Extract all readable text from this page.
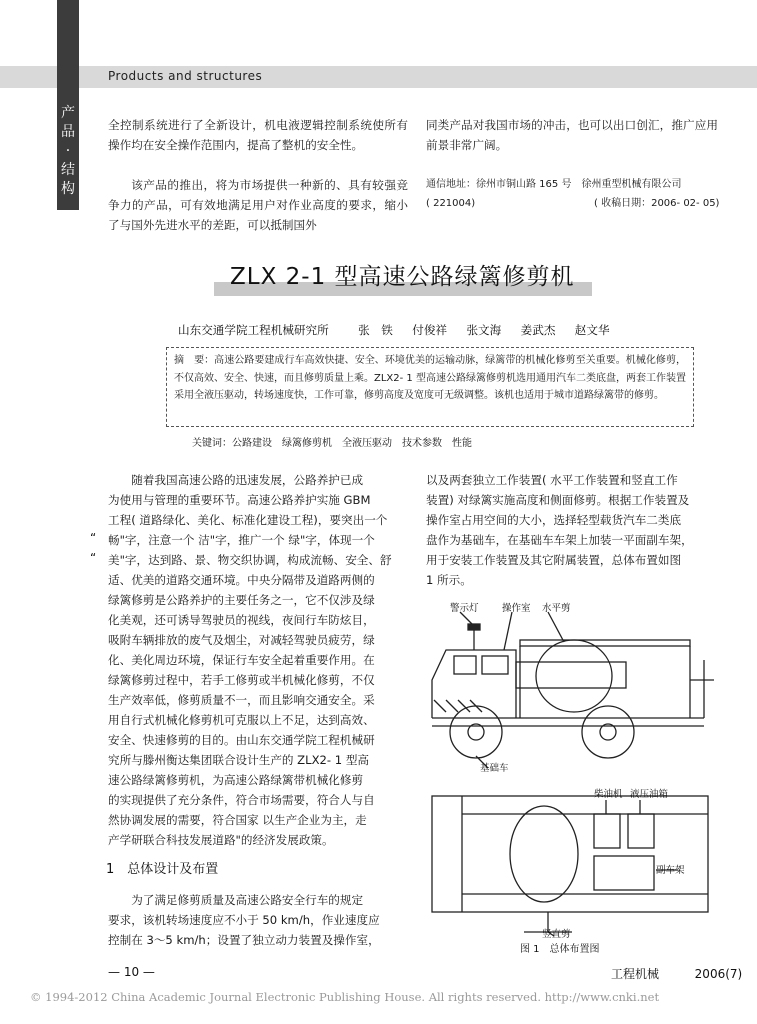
Products and structures
产
品
·
结
构
全控制系统进行了全新设计，机电液逻辑控制系统使所有操作均在安全操作范围内，提高了整机的安全性。
该产品的推出，将为市场提供一种新的、具有较强竞争力的产品，可有效地满足用户对作业高度的要求，缩小了与国外先进水平的差距，可以抵制国外
同类产品对我国市场的冲击，也可以出口创汇，推广应用前景非常广阔。
通信地址：徐州市铜山路 165 号　徐州重型机械有限公司
( 221004)	( 收稿日期：2006- 02- 05)
ZLX 2-1 型高速公路绿篱修剪机
山东交通学院工程机械研究所	张　铁 付俊祥 张文海 姜武杰 赵文华
摘　要：高速公路要建成行车高效快捷、安全、环境优美的运输动脉，绿篱带的机械化修剪至关重要。机械化修剪，不仅高效、安全、快速，而且修剪质量上乘。ZLX2- 1 型高速公路绿篱修剪机选用通用汽车二类底盘，两套工作装置采用全液压驱动，转场速度快，工作可靠，修剪高度及宽度可无级调整。该机也适用于城市道路绿篱带的修剪。
关键词：公路建设　绿篱修剪机　全液压驱动　技术参数　性能
　　随着我国高速公路的迅速发展，公路养护已成
为使用与管理的重要环节。高速公路养护实施 GBM
工程( 道路绿化、美化、标准化建设工程)，要突出一个
畅"字，注意一个 洁"字，推广一个 绿"字，体现一个
美"字，达到路、景、物交织协调，构成流畅、安全、舒
适、优美的道路交通环境。中央分隔带及道路两侧的
绿篱修剪是公路养护的主要任务之一，它不仅涉及绿
化美观，还可诱导驾驶员的视线，夜间行车防炫目，
吸附车辆排放的废气及烟尘，对减轻驾驶员疲劳，绿
化、美化周边环境，保证行车安全起着重要作用。在
绿篱修剪过程中，若手工修剪或半机械化修剪，不仅
生产效率低，修剪质量不一，而且影响交通安全。采
用自行式机械化修剪机可克服以上不足，达到高效、
安全、快速修剪的目的。由山东交通学院工程机械研
究所与滕州衡达集团联合设计生产的 ZLX2- 1 型高
速公路绿篱修剪机，为高速公路绿篱带机械化修剪
的实现提供了充分条件，符合市场需要，符合人与自
然协调发展的需要，符合国家 以生产企业为主，走
产学研联合科技发展道路"的经济发展政策。
“
“
1　总体设计及布置
　　为了满足修剪质量及高速公路安全行车的规定
要求，该机转场速度应不小于 50 km/h，作业速度应
控制在 3～5 km/h；设置了独立动力装置及操作室，
以及两套独立工作装置( 水平工作装置和竖直工作
装置) 对绿篱实施高度和侧面修剪。根据工作装置及
操作室占用空间的大小，选择轻型载货汽车二类底
盘作为基础车，在基础车车架上加装一平面副车架，
用于安装工作装置及其它附属装置，总体布置如图
1 所示。
警示灯 操作室 水平剪
基础车
柴油机 液压油箱
副车架
竖直剪
图 1　总体布置图
— 10 —	工程机械	2006(7)
© 1994-2012 China Academic Journal Electronic Publishing House. All rights reserved. http://www.cnki.net
